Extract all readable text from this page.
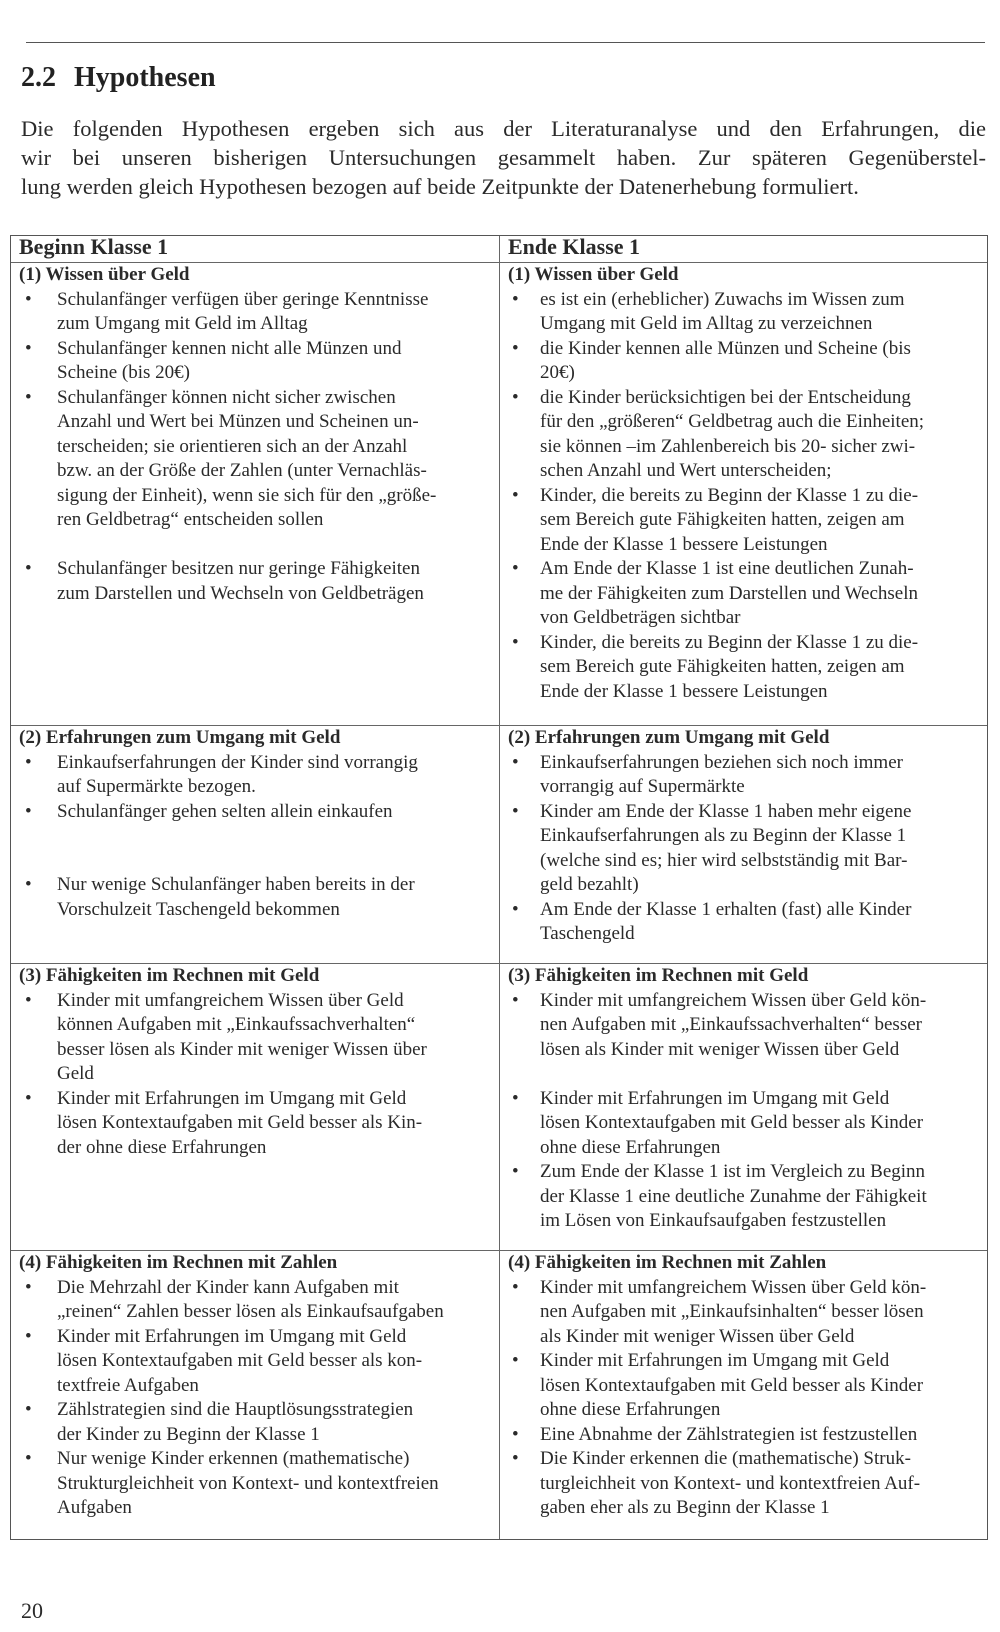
2.2 Hypothesen
Die folgenden Hypothesen ergeben sich aus der Literaturanalyse und den Erfahrungen, die
wir bei unseren bisherigen Untersuchungen gesammelt haben. Zur späteren Gegenüberstel-
lung werden gleich Hypothesen bezogen auf beide Zeitpunkte der Datenerhebung formuliert.
Beginn Klasse 1	Ende Klasse 1
(1) Wissen über Geld
• Schulanfänger verfügen über geringe Kenntnisse
zum Umgang mit Geld im Alltag
• Schulanfänger kennen nicht alle Münzen und
Scheine (bis 20€)
• Schulanfänger können nicht sicher zwischen
Anzahl und Wert bei Münzen und Scheinen un-
terscheiden; sie orientieren sich an der Anzahl
bzw. an der Größe der Zahlen (unter Vernachläs-
sigung der Einheit), wenn sie sich für den „größe-
ren Geldbetrag“ entscheiden sollen
• Schulanfänger besitzen nur geringe Fähigkeiten
zum Darstellen und Wechseln von Geldbeträgen
(1) Wissen über Geld
• es ist ein (erheblicher) Zuwachs im Wissen zum
Umgang mit Geld im Alltag zu verzeichnen
• die Kinder kennen alle Münzen und Scheine (bis
20€)
• die Kinder berücksichtigen bei der Entscheidung
für den „größeren“ Geldbetrag auch die Einheiten;
sie können –im Zahlenbereich bis 20- sicher zwi-
schen Anzahl und Wert unterscheiden;
• Kinder, die bereits zu Beginn der Klasse 1 zu die-
sem Bereich gute Fähigkeiten hatten, zeigen am
Ende der Klasse 1 bessere Leistungen
• Am Ende der Klasse 1 ist eine deutlichen Zunah-
me der Fähigkeiten zum Darstellen und Wechseln
von Geldbeträgen sichtbar
• Kinder, die bereits zu Beginn der Klasse 1 zu die-
sem Bereich gute Fähigkeiten hatten, zeigen am
Ende der Klasse 1 bessere Leistungen
(2) Erfahrungen zum Umgang mit Geld
• Einkaufserfahrungen der Kinder sind vorrangig
auf Supermärkte bezogen.
• Schulanfänger gehen selten allein einkaufen
• Nur wenige Schulanfänger haben bereits in der
Vorschulzeit Taschengeld bekommen
(2) Erfahrungen zum Umgang mit Geld
• Einkaufserfahrungen beziehen sich noch immer
vorrangig auf Supermärkte
• Kinder am Ende der Klasse 1 haben mehr eigene
Einkaufserfahrungen als zu Beginn der Klasse 1
(welche sind es; hier wird selbstständig mit Bar-
geld bezahlt)
• Am Ende der Klasse 1 erhalten (fast) alle Kinder
Taschengeld
(3) Fähigkeiten im Rechnen mit Geld
• Kinder mit umfangreichem Wissen über Geld
können Aufgaben mit „Einkaufssachverhalten“
besser lösen als Kinder mit weniger Wissen über
Geld
• Kinder mit Erfahrungen im Umgang mit Geld
lösen Kontextaufgaben mit Geld besser als Kin-
der ohne diese Erfahrungen
(3) Fähigkeiten im Rechnen mit Geld
• Kinder mit umfangreichem Wissen über Geld kön-
nen Aufgaben mit „Einkaufssachverhalten“ besser
lösen als Kinder mit weniger Wissen über Geld
• Kinder mit Erfahrungen im Umgang mit Geld
lösen Kontextaufgaben mit Geld besser als Kinder
ohne diese Erfahrungen
• Zum Ende der Klasse 1 ist im Vergleich zu Beginn
der Klasse 1 eine deutliche Zunahme der Fähigkeit
im Lösen von Einkaufsaufgaben festzustellen
(4) Fähigkeiten im Rechnen mit Zahlen
• Die Mehrzahl der Kinder kann Aufgaben mit
„reinen“ Zahlen besser lösen als Einkaufsaufgaben
• Kinder mit Erfahrungen im Umgang mit Geld
lösen Kontextaufgaben mit Geld besser als kon-
textfreie Aufgaben
• Zählstrategien sind die Hauptlösungsstrategien
der Kinder zu Beginn der Klasse 1
• Nur wenige Kinder erkennen (mathematische)
Strukturgleichheit von Kontext- und kontextfreien
Aufgaben
(4) Fähigkeiten im Rechnen mit Zahlen
• Kinder mit umfangreichem Wissen über Geld kön-
nen Aufgaben mit „Einkaufsinhalten“ besser lösen
als Kinder mit weniger Wissen über Geld
• Kinder mit Erfahrungen im Umgang mit Geld
lösen Kontextaufgaben mit Geld besser als Kinder
ohne diese Erfahrungen
• Eine Abnahme der Zählstrategien ist festzustellen
• Die Kinder erkennen die (mathematische) Struk-
turgleichheit von Kontext- und kontextfreien Auf-
gaben eher als zu Beginn der Klasse 1
20
